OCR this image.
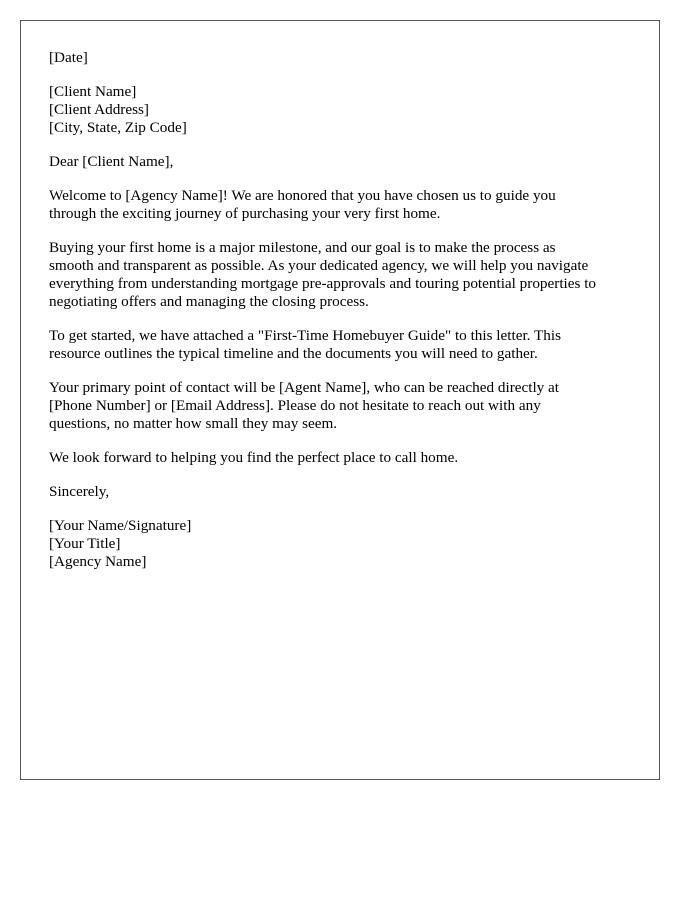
[Date]
[Client Name]
[Client Address]
[City, State, Zip Code]
Dear [Client Name],
Welcome to [Agency Name]! We are honored that you have chosen us to guide you
through the exciting journey of purchasing your very first home.
Buying your first home is a major milestone, and our goal is to make the process as
smooth and transparent as possible. As your dedicated agency, we will help you navigate
everything from understanding mortgage pre-approvals and touring potential properties to
negotiating offers and managing the closing process.
To get started, we have attached a "First-Time Homebuyer Guide" to this letter. This
resource outlines the typical timeline and the documents you will need to gather.
Your primary point of contact will be [Agent Name], who can be reached directly at
[Phone Number] or [Email Address]. Please do not hesitate to reach out with any
questions, no matter how small they may seem.
We look forward to helping you find the perfect place to call home.
Sincerely,
[Your Name/Signature]
[Your Title]
[Agency Name]
